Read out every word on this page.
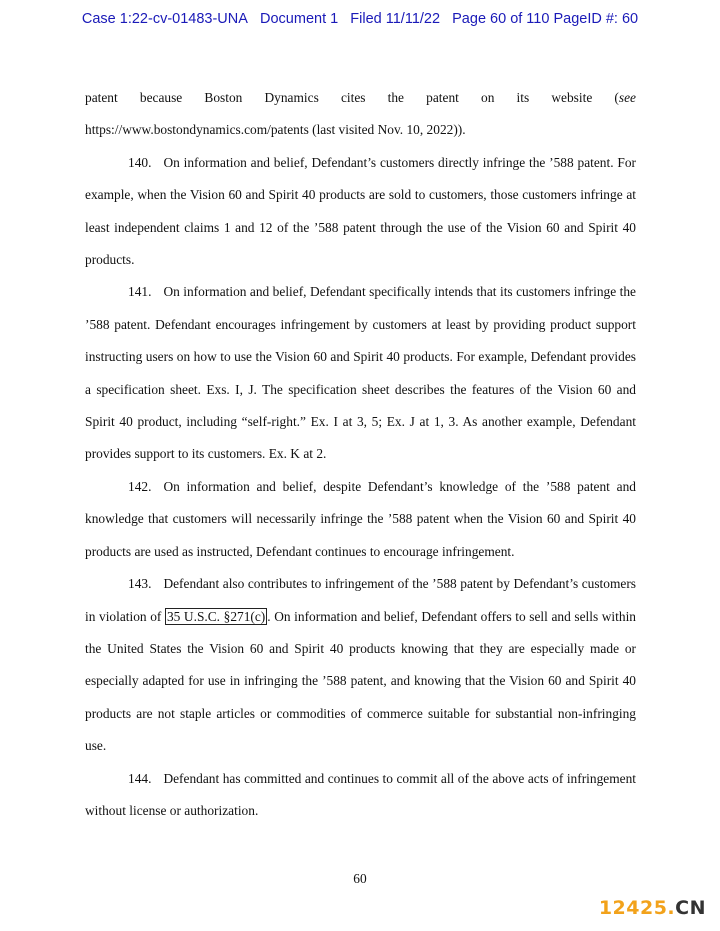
Case 1:22-cv-01483-UNA Document 1 Filed 11/11/22 Page 60 of 110 PageID #: 60

patent because Boston Dynamics cites the patent on its website (see https://www.bostondynamics.com/patents (last visited Nov. 10, 2022)).

140. On information and belief, Defendant’s customers directly infringe the ’588 patent. For example, when the Vision 60 and Spirit 40 products are sold to customers, those customers infringe at least independent claims 1 and 12 of the ’588 patent through the use of the Vision 60 and Spirit 40 products.

141. On information and belief, Defendant specifically intends that its customers infringe the ’588 patent. Defendant encourages infringement by customers at least by providing product support instructing users on how to use the Vision 60 and Spirit 40 products. For example, Defendant provides a specification sheet. Exs. I, J. The specification sheet describes the features of the Vision 60 and Spirit 40 product, including “self-right.” Ex. I at 3, 5; Ex. J at 1, 3. As another example, Defendant provides support to its customers. Ex. K at 2.

142. On information and belief, despite Defendant’s knowledge of the ’588 patent and knowledge that customers will necessarily infringe the ’588 patent when the Vision 60 and Spirit 40 products are used as instructed, Defendant continues to encourage infringement.

143. Defendant also contributes to infringement of the ’588 patent by Defendant’s customers in violation of 35 U.S.C. §271(c) . On information and belief, Defendant offers to sell and sells within the United States the Vision 60 and Spirit 40 products knowing that they are especially made or especially adapted for use in infringing the ’588 patent, and knowing that the Vision 60 and Spirit 40 products are not staple articles or commodities of commerce suitable for substantial non-infringing use.

144. Defendant has committed and continues to commit all of the above acts of infringement without license or authorization.

60
12425.CN
